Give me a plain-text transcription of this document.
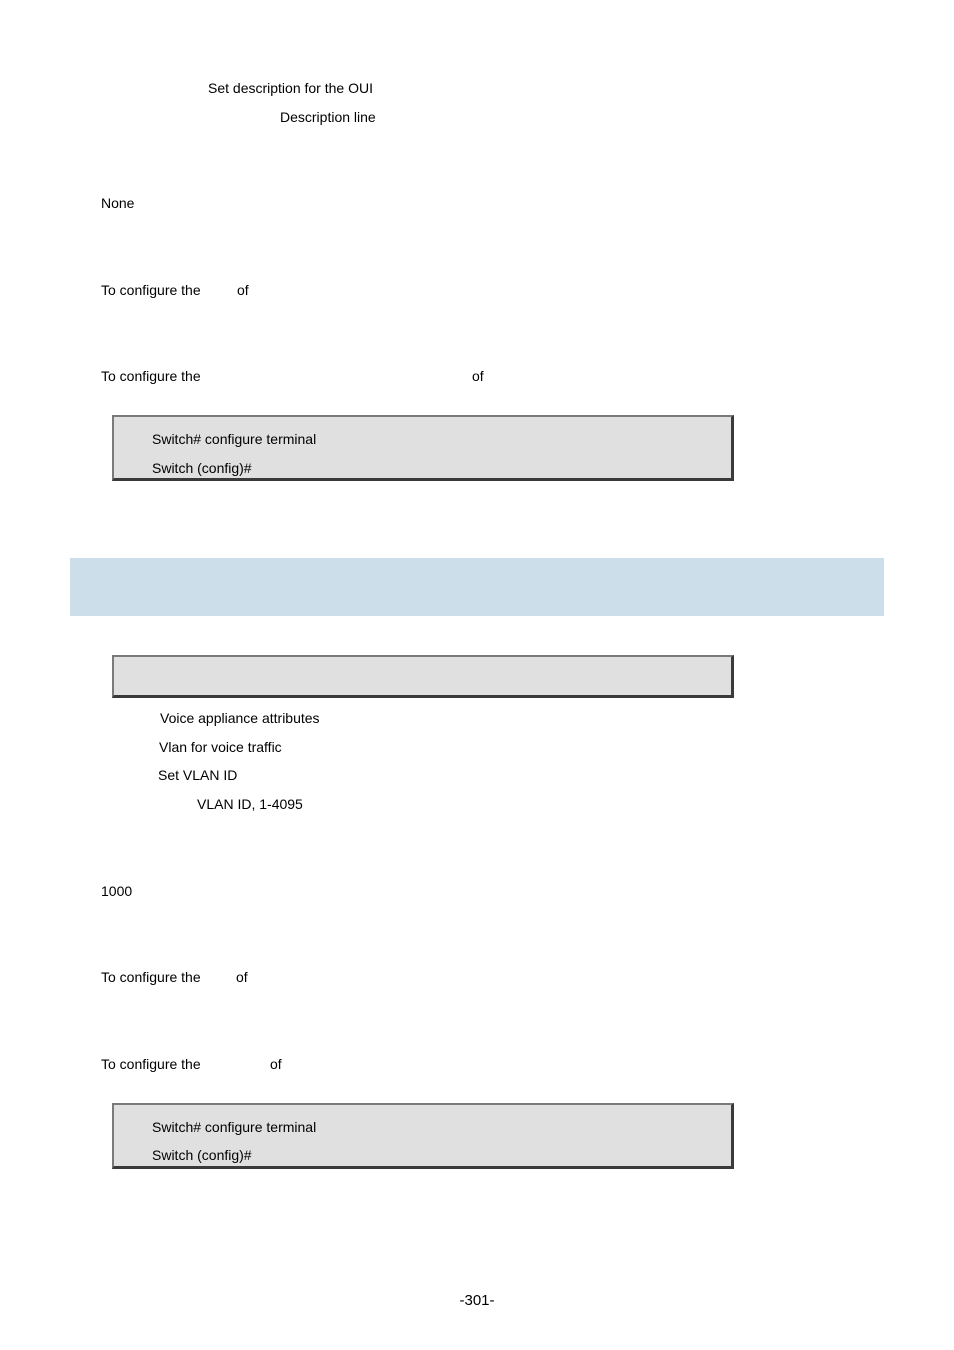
Set description for the OUI
Description line
None
To configure the	of
To configure the	of
Switch# configure terminal
Switch (config)#
Voice appliance attributes
Vlan for voice traffic
Set VLAN ID
VLAN ID, 1-4095
1000
To configure the	of
To configure the	of
Switch# configure terminal
Switch (config)#
-301-
